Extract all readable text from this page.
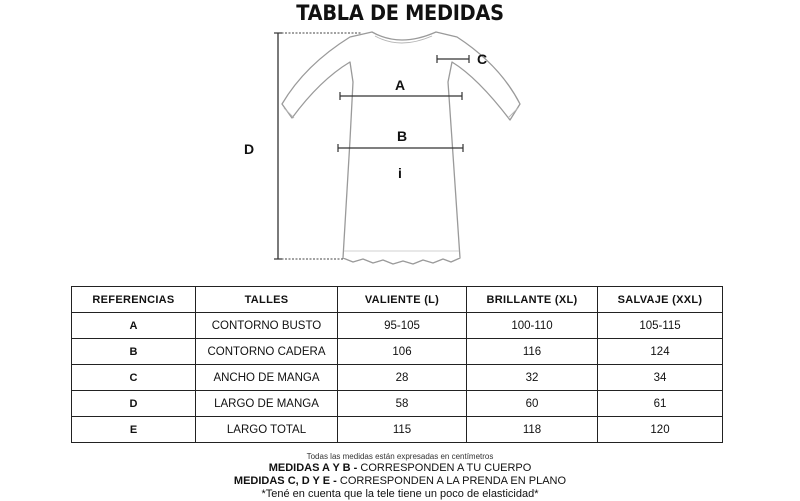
TABLA DE MEDIDAS
A
B
C
D
i
REFERENCIAS	TALLES	VALIENTE (L)	BRILLANTE (XL)	SALVAJE (XXL)
A	CONTORNO BUSTO	95-105	100-110	105-115
B	CONTORNO CADERA	106	116	124
C	ANCHO DE MANGA	28	32	34
D	LARGO DE MANGA	58	60	61
E	LARGO TOTAL	115	118	120
Todas las medidas están expresadas en centímetros
MEDIDAS A Y B - CORRESPONDEN A TU CUERPO
MEDIDAS C, D Y E - CORRESPONDEN A LA PRENDA EN PLANO
*Tené en cuenta que la tele tiene un poco de elasticidad*
